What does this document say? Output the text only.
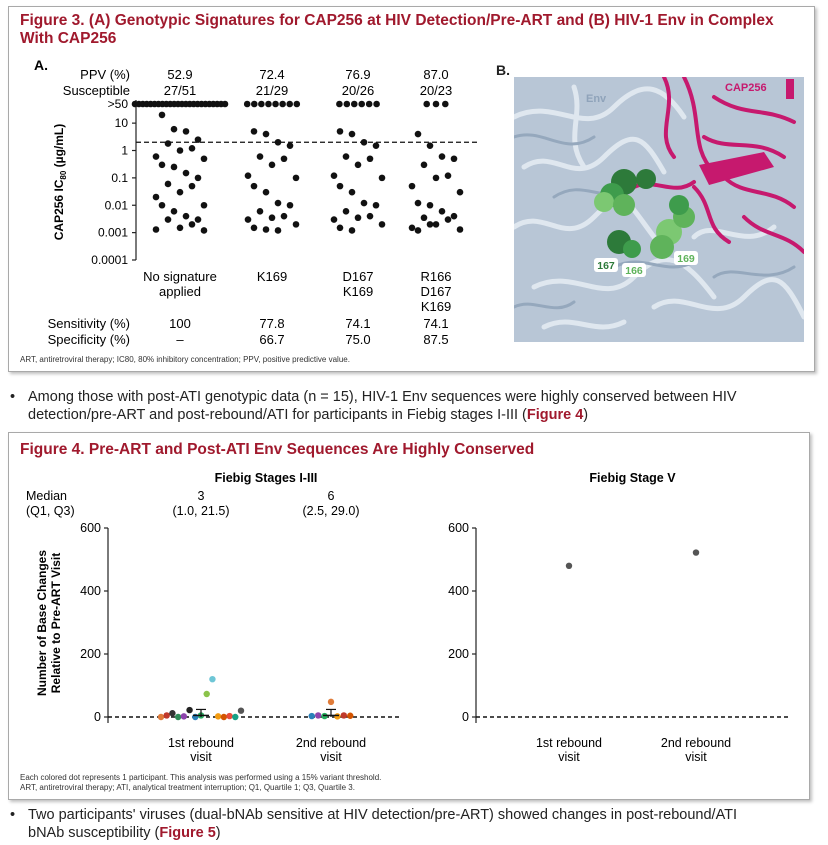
Figure 3. (A) Genotypic Signatures for CAP256 at HIV Detection/Pre-ART and (B) HIV-1 Env in Complex
With CAP256
A.
PPV (%)
Susceptible
Sensitivity (%)
Specificity (%)
52.9
27/51
72.4
21/29
76.9
20/26
87.0
20/23
0.0001
0.001
0.01
0.1
1
10
>50
CAP256 $IC_{80}$ (µg/mL)
No signature
applied
K169	D167
K169
R166
D167
K169
100
–
77.8
66.7
74.1
75.0
74.1
87.5
B.
Env
CAP256
167 166
169
ART, antiretroviral therapy; IC80, 80% inhibitory concentration; PPV, positive predictive value.
• Among those with post-ATI genotypic data (n = 15), HIV-1 Env sequences were highly conserved between HIV
detection/pre-ART and post-rebound/ATI for participants in Fiebig stages I-III (Figure 4)
Figure 4. Pre-ART and Post-ATI Env Sequences Are Highly Conserved
Median
(Q1, Q3)
Fiebig Stages I-III
0
200
400
600
1st rebound
visit
2nd rebound
visit
3
(1.0, 21.5)
6
(2.5, 29.0)
Fiebig Stage V
0
200
400
600
1st rebound
visit
2nd rebound
visit
Number of Base ChangesRelative to Pre-ART Visit
Each colored dot represents 1 participant. This analysis was performed using a 15% variant threshold.
ART, antiretroviral therapy; ATI, analytical treatment interruption; Q1, Quartile 1; Q3, Quartile 3.
• Two participants' viruses (dual-bNAb sensitive at HIV detection/pre-ART) showed changes in post-rebound/ATI
bNAb susceptibility (Figure 5)
